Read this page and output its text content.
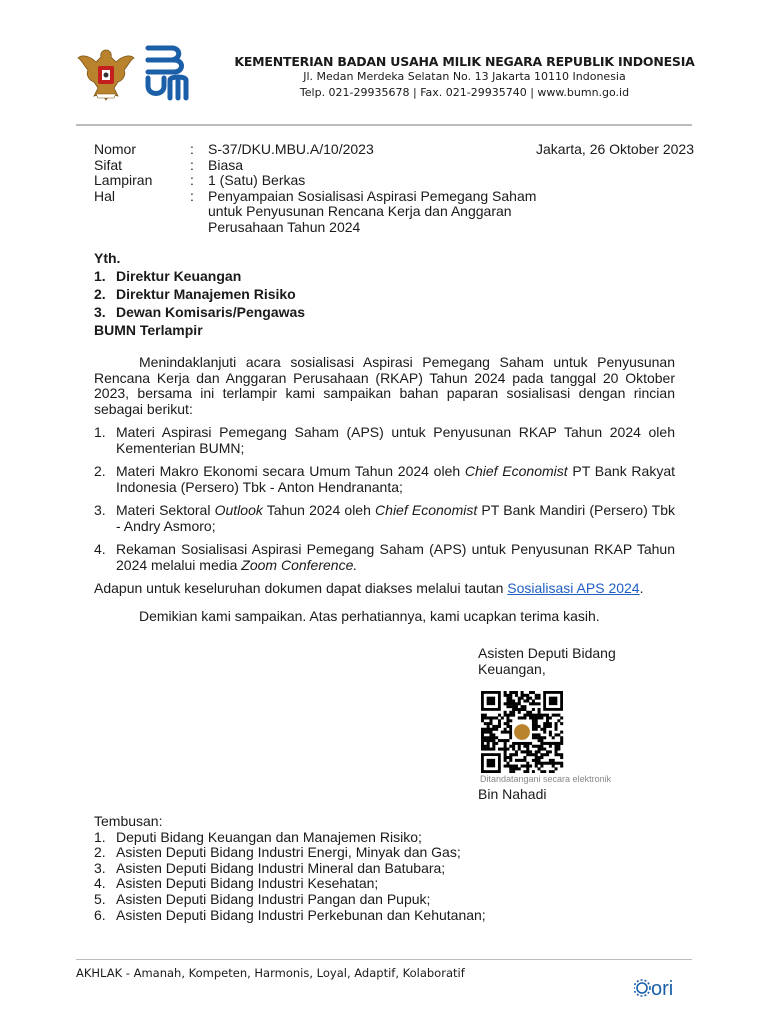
KEMENTERIAN BADAN USAHA MILIK NEGARA REPUBLIK INDONESIA
Jl. Medan Merdeka Selatan No. 13 Jakarta 10110 Indonesia
Telp. 021-29935678 | Fax. 021-29935740 | www.bumn.go.id
Jakarta, 26 Oktober 2023
Nomor	:	S-37/DKU.MBU.A/10/2023
Sifat	:	Biasa
Lampiran	:	1 (Satu) Berkas
Hal	:	Penyampaian Sosialisasi Aspirasi Pemegang Saham
untuk Penyusunan Rencana Kerja dan Anggaran
Perusahaan Tahun 2024
Yth.
1. Direktur Keuangan
2. Direktur Manajemen Risiko
3. Dewan Komisaris/Pengawas
BUMN Terlampir

Menindaklanjuti acara sosialisasi Aspirasi Pemegang Saham untuk Penyusunan Rencana Kerja dan Anggaran Perusahaan (RKAP) Tahun 2024 pada tanggal 20 Oktober 2023, bersama ini terlampir kami sampaikan bahan paparan sosialisasi dengan rincian sebagai berikut:

1. Materi Aspirasi Pemegang Saham (APS) untuk Penyusunan RKAP Tahun 2024 oleh Kementerian BUMN;
2. Materi Makro Ekonomi secara Umum Tahun 2024 oleh Chief Economist PT Bank Rakyat Indonesia (Persero) Tbk - Anton Hendrananta;
3. Materi Sektoral Outlook Tahun 2024 oleh Chief Economist PT Bank Mandiri (Persero) Tbk - Andry Asmoro;
4. Rekaman Sosialisasi Aspirasi Pemegang Saham (APS) untuk Penyusunan RKAP Tahun 2024 melalui media Zoom Conference.

Adapun untuk keseluruhan dokumen dapat diakses melalui tautan Sosialisasi APS 2024.

Demikian kami sampaikan. Atas perhatiannya, kami ucapkan terima kasih.

Asisten Deputi Bidang
Keuangan,
Ditandatangani secara elektronik
Bin Nahadi
Tembusan:
1. Deputi Bidang Keuangan dan Manajemen Risiko;
2. Asisten Deputi Bidang Industri Energi, Minyak dan Gas;
3. Asisten Deputi Bidang Industri Mineral dan Batubara;
4. Asisten Deputi Bidang Industri Kesehatan;
5. Asisten Deputi Bidang Industri Pangan dan Pupuk;
6. Asisten Deputi Bidang Industri Perkebunan dan Kehutanan;
AKHLAK - Amanah, Kompeten, Harmonis, Loyal, Adaptif, Kolaboratif
ori
